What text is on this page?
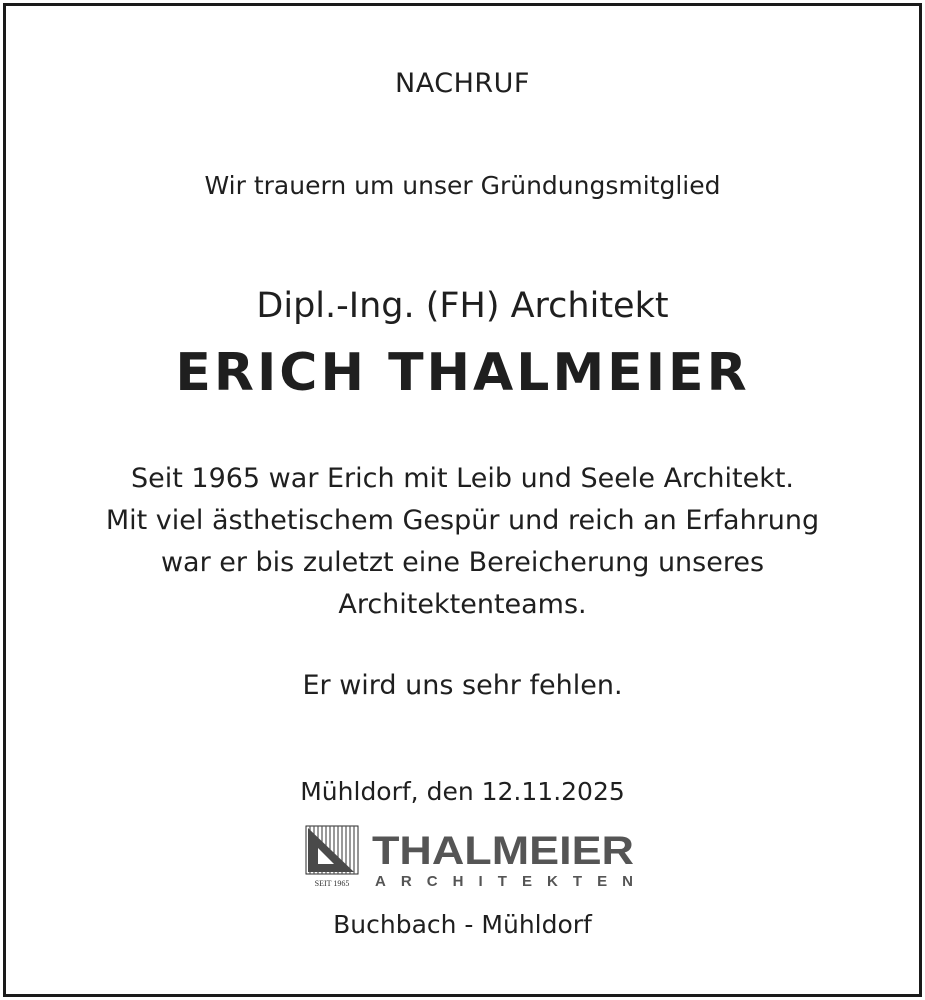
NACHRUF
Wir trauern um unser Gründungsmitglied
Dipl.-Ing. (FH) Architekt
ERICH THALMEIER
Seit 1965 war Erich mit Leib und Seele Architekt.
Mit viel ästhetischem Gespür und reich an Erfahrung
war er bis zuletzt eine Bereicherung unseres
Architektenteams.
Er wird uns sehr fehlen.
Mühldorf, den 12.11.2025
SEIT 1965
THALMEIER
ARCHITEKTEN
Buchbach - Mühldorf
